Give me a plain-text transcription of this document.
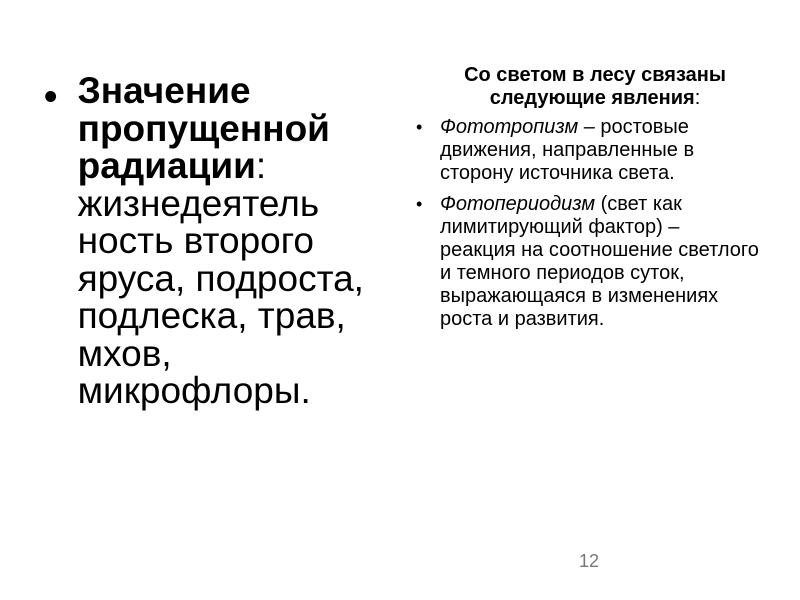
• Значение пропущенной радиации: жизнедеятель ность второго яруса, подроста, подлеска, трав, мхов, микрофлоры.
Со светом в лесу связаны следующие явления:
• Фототропизм – ростовые движения, направленные в сторону источника света.
• Фотопериодизм (свет как лимитирующий фактор) – реакция на соотношение светлого и темного периодов суток, выражающаяся в изменениях роста и развития.
12
